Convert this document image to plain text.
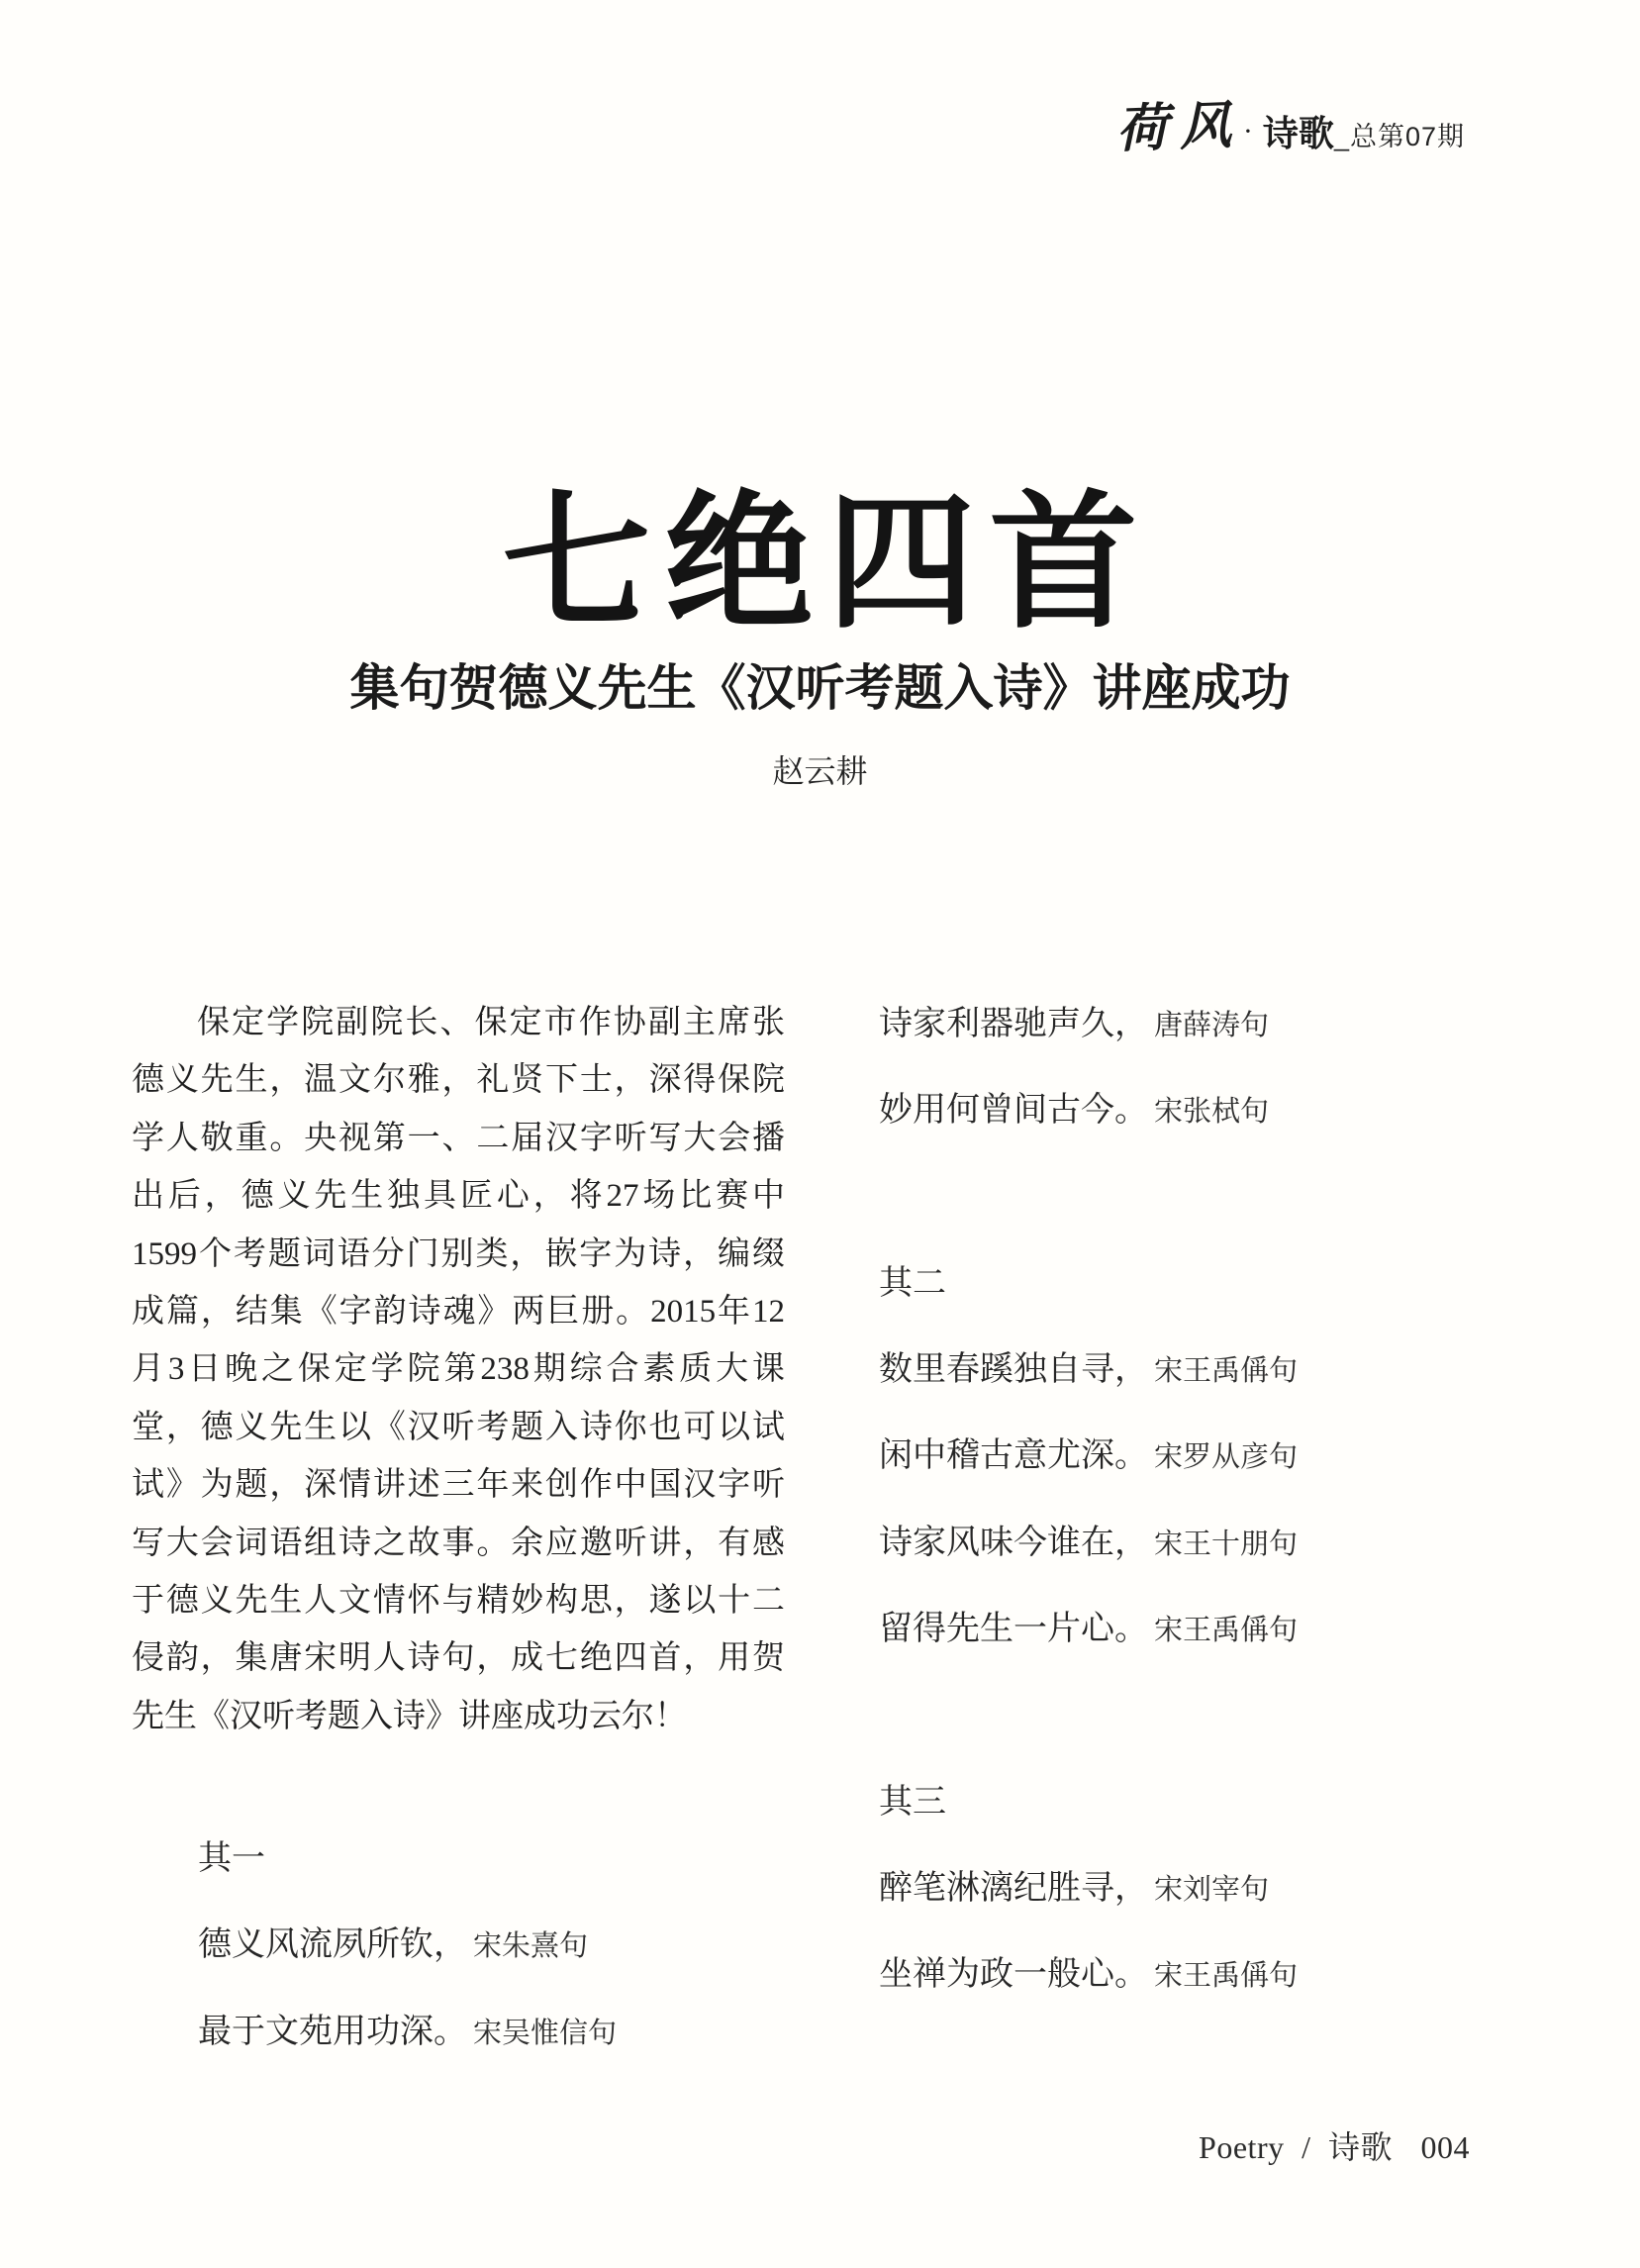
荷风 · 诗歌 _总第07期
七绝四首
集句贺德义先生《汉听考题入诗》讲座成功
赵云耕
保定学院副院长、保定市作协副主席张
德义先生，温文尔雅，礼贤下士，深得保院
学人敬重。央视第一、二届汉字听写大会播
出后，德义先生独具匠心，将27场比赛中
1599个考题词语分门别类，嵌字为诗，编缀
成篇，结集《字韵诗魂》两巨册。2015年12
月3日晚之保定学院第238期综合素质大课
堂，德义先生以《汉听考题入诗你也可以试
试》为题，深情讲述三年来创作中国汉字听
写大会词语组诗之故事。余应邀听讲，有感
于德义先生人文情怀与精妙构思，遂以十二
侵韵，集唐宋明人诗句，成七绝四首，用贺
先生《汉听考题入诗》讲座成功云尔！
其一
德义风流夙所钦， 宋朱熹句
最于文苑用功深。 宋吴惟信句
诗家利器驰声久， 唐薛涛句
妙用何曾间古今。 宋张栻句
其二
数里春蹊独自寻， 宋王禹偁句
闲中稽古意尤深。 宋罗从彦句
诗家风味今谁在， 宋王十朋句
留得先生一片心。 宋王禹偁句
其三
醉笔淋漓纪胜寻， 宋刘宰句
坐禅为政一般心。 宋王禹偁句
Poetry / 诗歌 004
